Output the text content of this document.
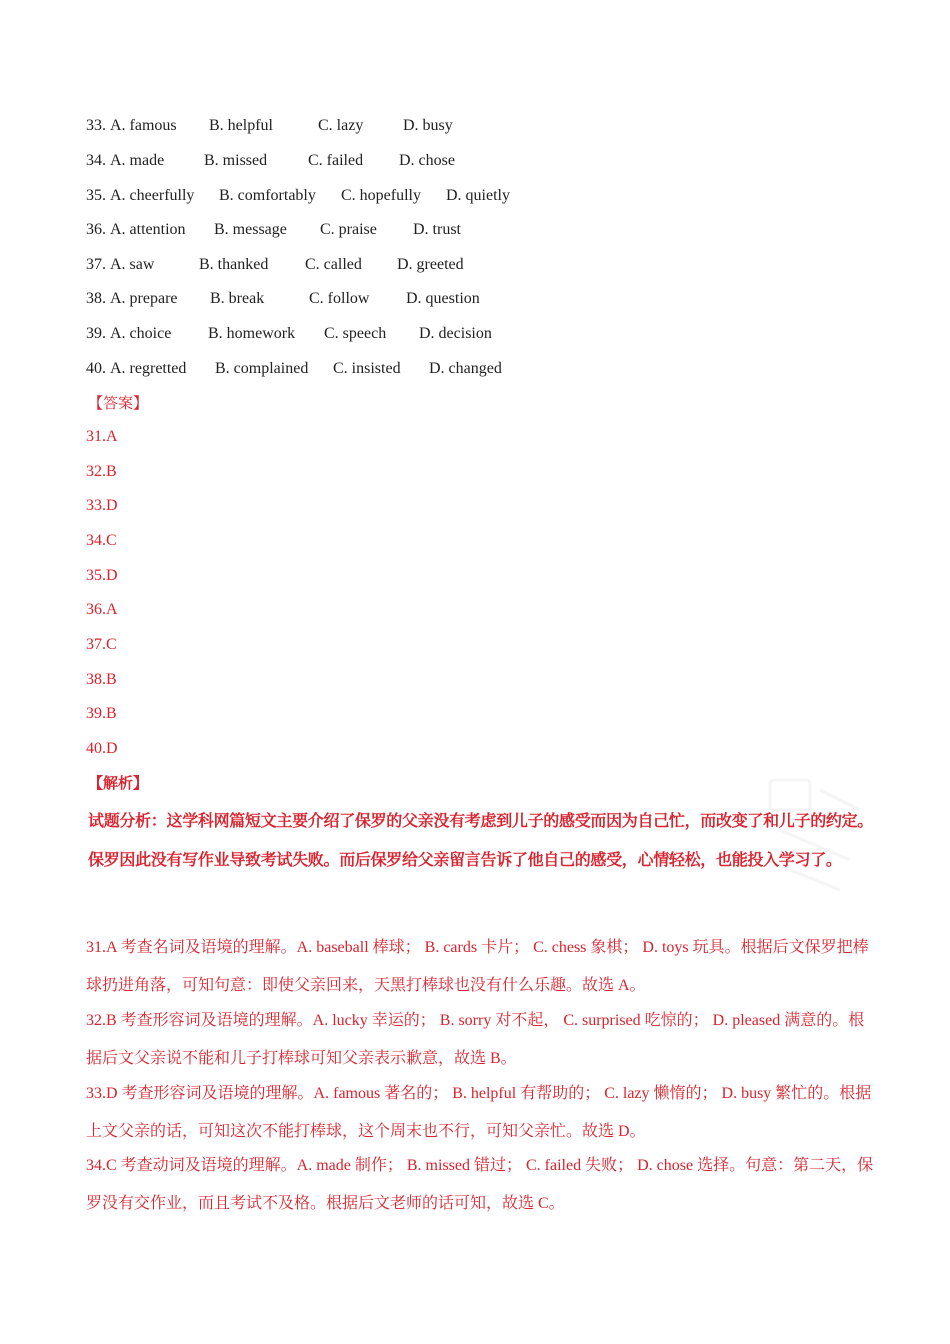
33. A. famous B. helpful	C. lazy D. busy
34. A. made B. missed	C. failed D. chose
35. A. cheerfully B. comfortably C. hopefully D. quietly
36. A. attention B. message C. praise D. trust
37. A. saw	B. thanked C. called D. greeted
38. A. prepare B. break	C. follow D. question
39. A. choice B. homework C. speech D. decision
40. A. regretted B. complained C. insisted D. changed
【答案】
31.A
32.B
33.D
34.C
35.D
36.A
37.C
38.B
39.B
40.D
【解析】
试题分析：这学科网篇短文主要介绍了保罗的父亲没有考虑到儿子的感受而因为自己忙，而改变了和儿子的约定。保罗因此没有写作业导致考试失败。而后保罗给父亲留言告诉了他自己的感受，心情轻松，也能投入学习了。
31.A 考查名词及语境的理解。A. baseball 棒球； B. cards 卡片； C. chess 象棋； D. toys 玩具。根据后文保罗把棒球扔进角落，可知句意：即使父亲回来，天黑打棒球也没有什么乐趣。故选 A。
32.B 考查形容词及语境的理解。A. lucky 幸运的； B. sorry 对不起， C. surprised 吃惊的； D. pleased 满意的。根据后文父亲说不能和儿子打棒球可知父亲表示歉意，故选 B。
33.D 考查形容词及语境的理解。A. famous 著名的； B. helpful 有帮助的； C. lazy 懒惰的； D. busy 繁忙的。根据上文父亲的话，可知这次不能打棒球，这个周末也不行，可知父亲忙。故选 D。
34.C 考查动词及语境的理解。A. made 制作； B. missed 错过； C. failed 失败； D. chose 选择。句意：第二天，保罗没有交作业，而且考试不及格。根据后文老师的话可知，故选 C。
